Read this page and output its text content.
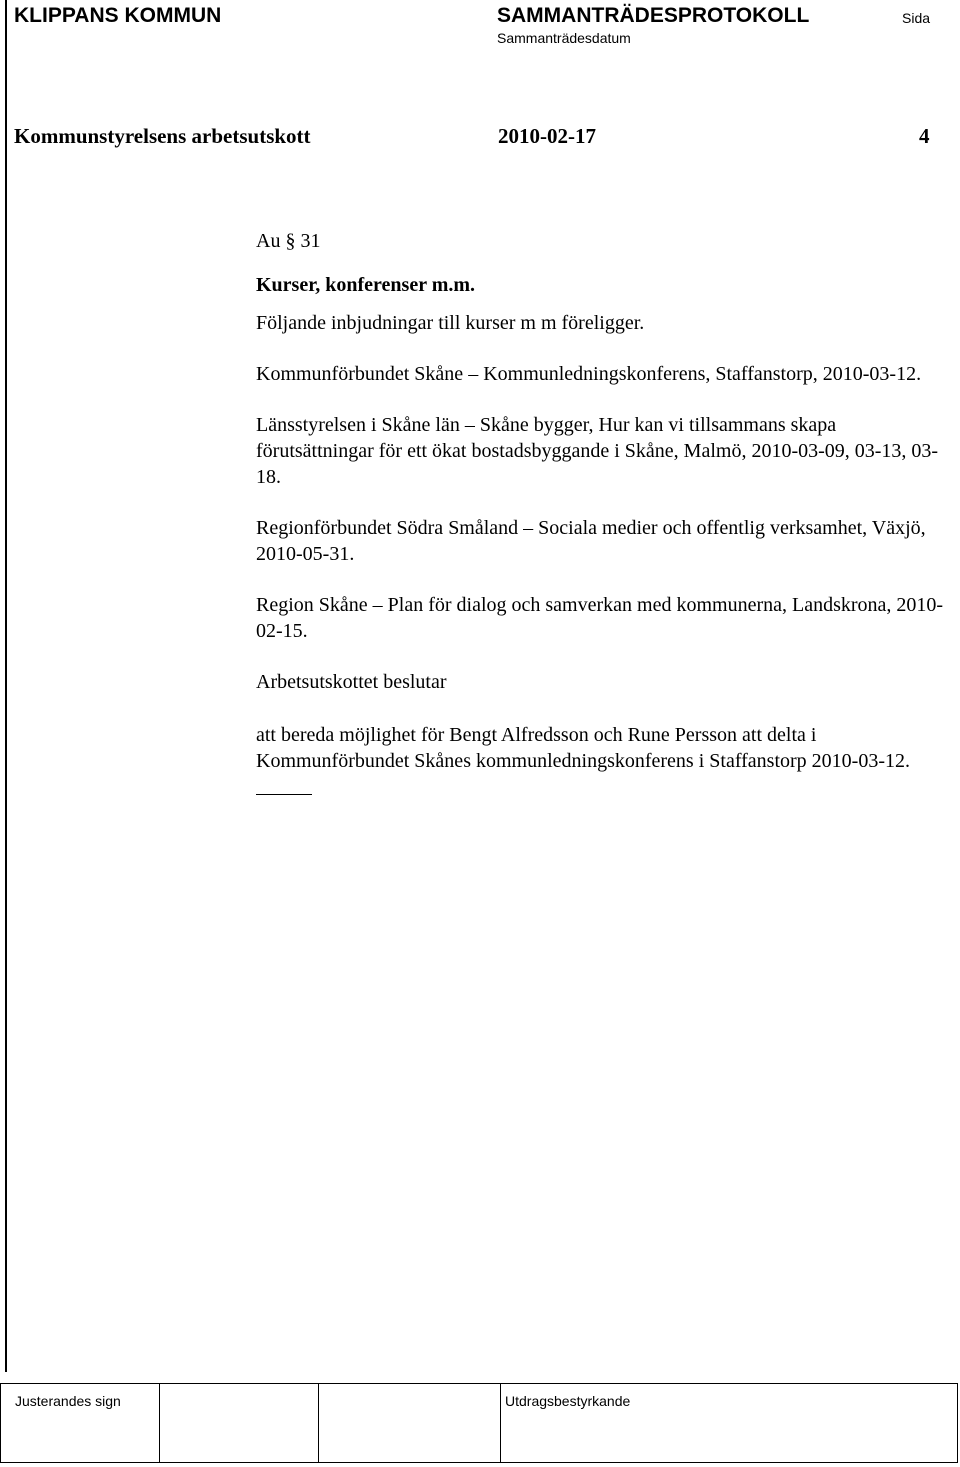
KLIPPANS KOMMUN	SAMMANTRÄDESPROTOKOLL
Sammanträdesdatum
Sida
Kommunstyrelsens arbetsutskott	2010-02-17	4

Au § 31

Kurser, konferenser m.m.

Följande inbjudningar till kurser m m föreligger.

Kommunförbundet Skåne – Kommunledningskonferens, Staffanstorp, 2010-03-12.

Länsstyrelsen i Skåne län – Skåne bygger, Hur kan vi tillsammans skapa förutsättningar för ett ökat bostadsbyggande i Skåne, Malmö, 2010-03-09, 03-13, 03-18.

Regionförbundet Södra Småland – Sociala medier och offentlig verksamhet, Växjö, 2010-05-31.

Region Skåne – Plan för dialog och samverkan med kommunerna, Landskrona, 2010-02-15.

Arbetsutskottet beslutar

att bereda möjlighet för Bengt Alfredsson och Rune Persson att delta i Kommunförbundet Skånes kommunledningskonferens i Staffanstorp 2010-03-12.

Justerandes sign	Utdragsbestyrkande
